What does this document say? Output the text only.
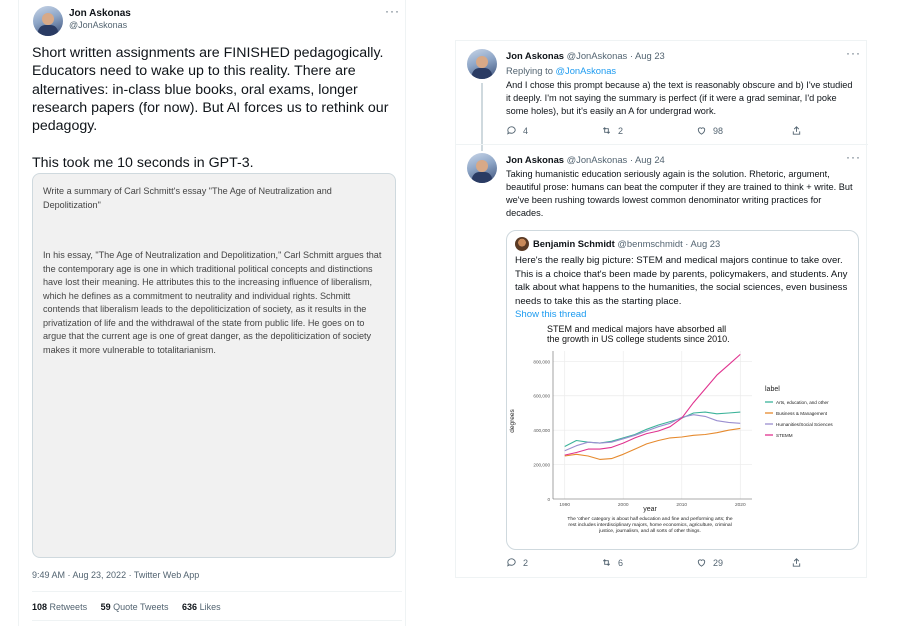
Jon Askonas
@JonAskonas
···
Short written assignments are FINISHED pedagogically. Educators need to wake up to this reality. There are alternatives: in-class blue books, oral exams, longer research papers (for now). But AI forces us to rethink our pedagogy.

This took me 10 seconds in GPT-3.
Write a summary of Carl Schmitt's essay "The Age of Neutralization and Depolitization"
In his essay, "The Age of Neutralization and Depolitization," Carl Schmitt argues that the contemporary age is one in which traditional political concepts and distinctions have lost their meaning. He attributes this to the increasing influence of liberalism, which he defines as a commitment to neutrality and individual rights. Schmitt contends that liberalism leads to the depoliticization of society, as it results in the privatization of life and the withdrawal of the state from public life. He goes on to argue that the current age is one of great danger, as the depoliticization of society makes it more vulnerable to totalitarianism.
9:49 AM · Aug 23, 2022 · Twitter Web App
108 Retweets 59 Quote Tweets 636 Likes
Jon Askonas @JonAskonas · Aug 23	···
Replying to @JonAskonas
And I chose this prompt because a) the text is reasonably obscure and b) I've studied it deeply. I'm not saying the summary is perfect (if it were a grad seminar, I'd poke some holes), but it's easily an A for undergrad work.
4	2	98
Jon Askonas @JonAskonas · Aug 24	···
Taking humanistic education seriously again is the solution. Rhetoric, argument, beautiful prose: humans can beat the computer if they are trained to think + write. But we've been rushing towards lowest common denominator writing practices for decades.
Benjamin Schmidt @benmschmidt · Aug 23
Here's the really big picture: STEM and medical majors continue to take over. This is a choice that's been made by parents, policymakers, and students. Any talk about what happens to the humanities, the social sciences, even business needs to take this as the starting place.
Show this thread
STEM and medical majors have absorbed all
the growth in US college students since 2010.
0
200,000
400,000
600,000
800,000
1990	2000	2010	2020
degrees
year
label
Arts, education, and other
Business & Management
Humanities/Social Sciences
STEMM
The 'other' category is about half education and fine and performing arts; the
rest includes interdisciplinary majors, home economics, agriculture, criminal
justice, journalism, and all sorts of other things.
2	6	29
